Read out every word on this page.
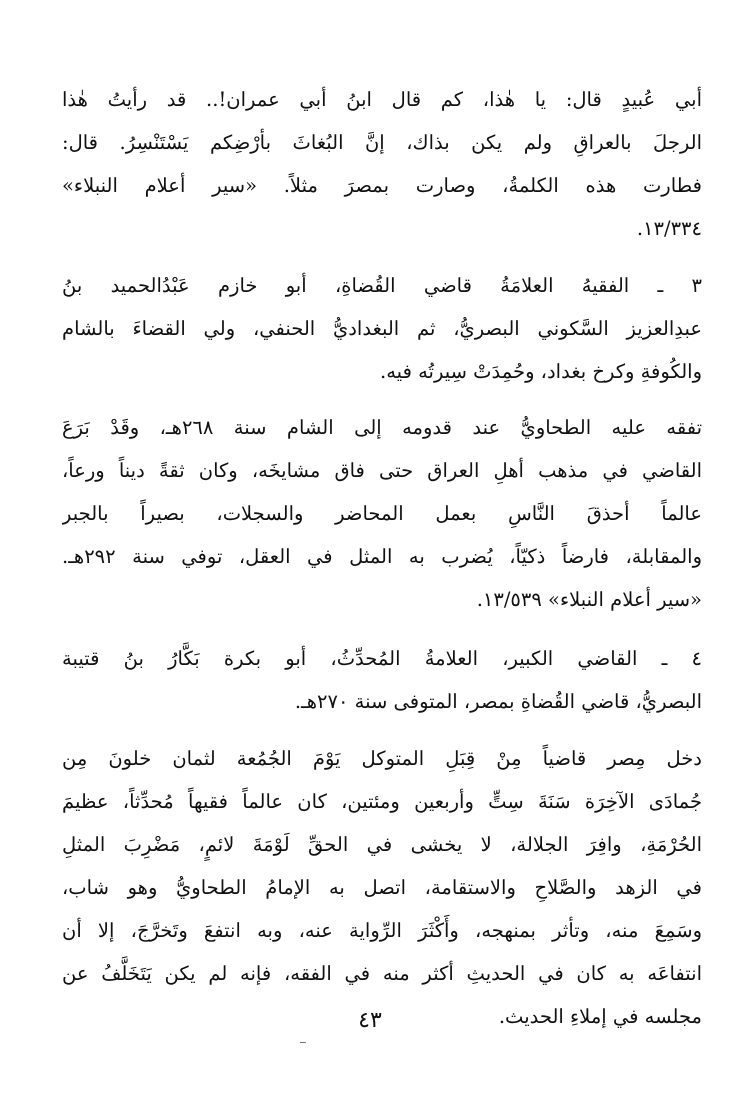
أبي عُبيدٍ قال: يا هٰذا، كم قال ابنُ أبي عمران!.. قد رأيتُ هٰذا
الرجلَ بالعراقِ ولم يكن بذاك، إنَّ البُغاثَ بأرْضِكم يَسْتَنْسِرُ. قال:
فطارت هذه الكلمةُ، وصارت بمصرَ مثلاً. «سير أعلام النبلاء»
١٣/٣٣٤.
٣ ـ الفقيهُ العلامَةُ قاضي القُضاةِ، أبو خازم عَبْدُالحميد بنُ
عبدِالعزيز السَّكوني البصريُّ، ثم البغداديُّ الحنفي، ولي القضاءَ بالشام
والكُوفةِ وكرخ بغداد، وحُمِدَتْ سِيرتُه فيه.
تفقه عليه الطحاويُّ عند قدومه إلى الشام سنة ٢٦٨هـ، وقَدْ بَرَعَ
القاضي في مذهب أهلِ العراق حتى فاق مشايخَه، وكان ثقةً ديناً ورعاً،
عالماً أحذقَ النَّاسِ بعمل المحاضر والسجلات، بصيراً بالجبر
والمقابلة، فارضاً ذكيّاً، يُضرب به المثل في العقل، توفي سنة ٢٩٢هـ.
«سير أعلام النبلاء» ١٣/٥٣٩.
٤ ـ القاضي الكبير، العلامةُ المُحدِّثُ، أبو بكرة بَكَّارُ بنُ قتيبة
البصريُّ، قاضي القُضاةِ بمصر، المتوفى سنة ٢٧٠هـ.
دخل مِصر قاضياً مِنْ قِبَلِ المتوكل يَوْمَ الجُمُعة لثمان خلونَ مِن
جُمادَى الآخِرَة سَنَةَ سِتٍّ وأربعين ومئتين، كان عالماً فقيهاً مُحدِّثاً، عظيمَ
الحُرْمَةِ، وافِرَ الجلالة، لا يخشى في الحقِّ لَوْمَةَ لائمٍ، مَضْرِبَ المثلِ
في الزهد والصَّلاحِ والاستقامة، اتصل به الإمامُ الطحاويُّ وهو شاب،
وسَمِعَ منه، وتأثر بمنهجه، وأَكْثَرَ الرِّواية عنه، وبه انتفعَ وتَخرَّجَ، إلا أن
انتفاعَه به كان في الحديثِ أكثر منه في الفقه، فإنه لم يكن يَتَخَلَّفُ عن
مجلسه في إملاءِ الحديث.
٤٣
